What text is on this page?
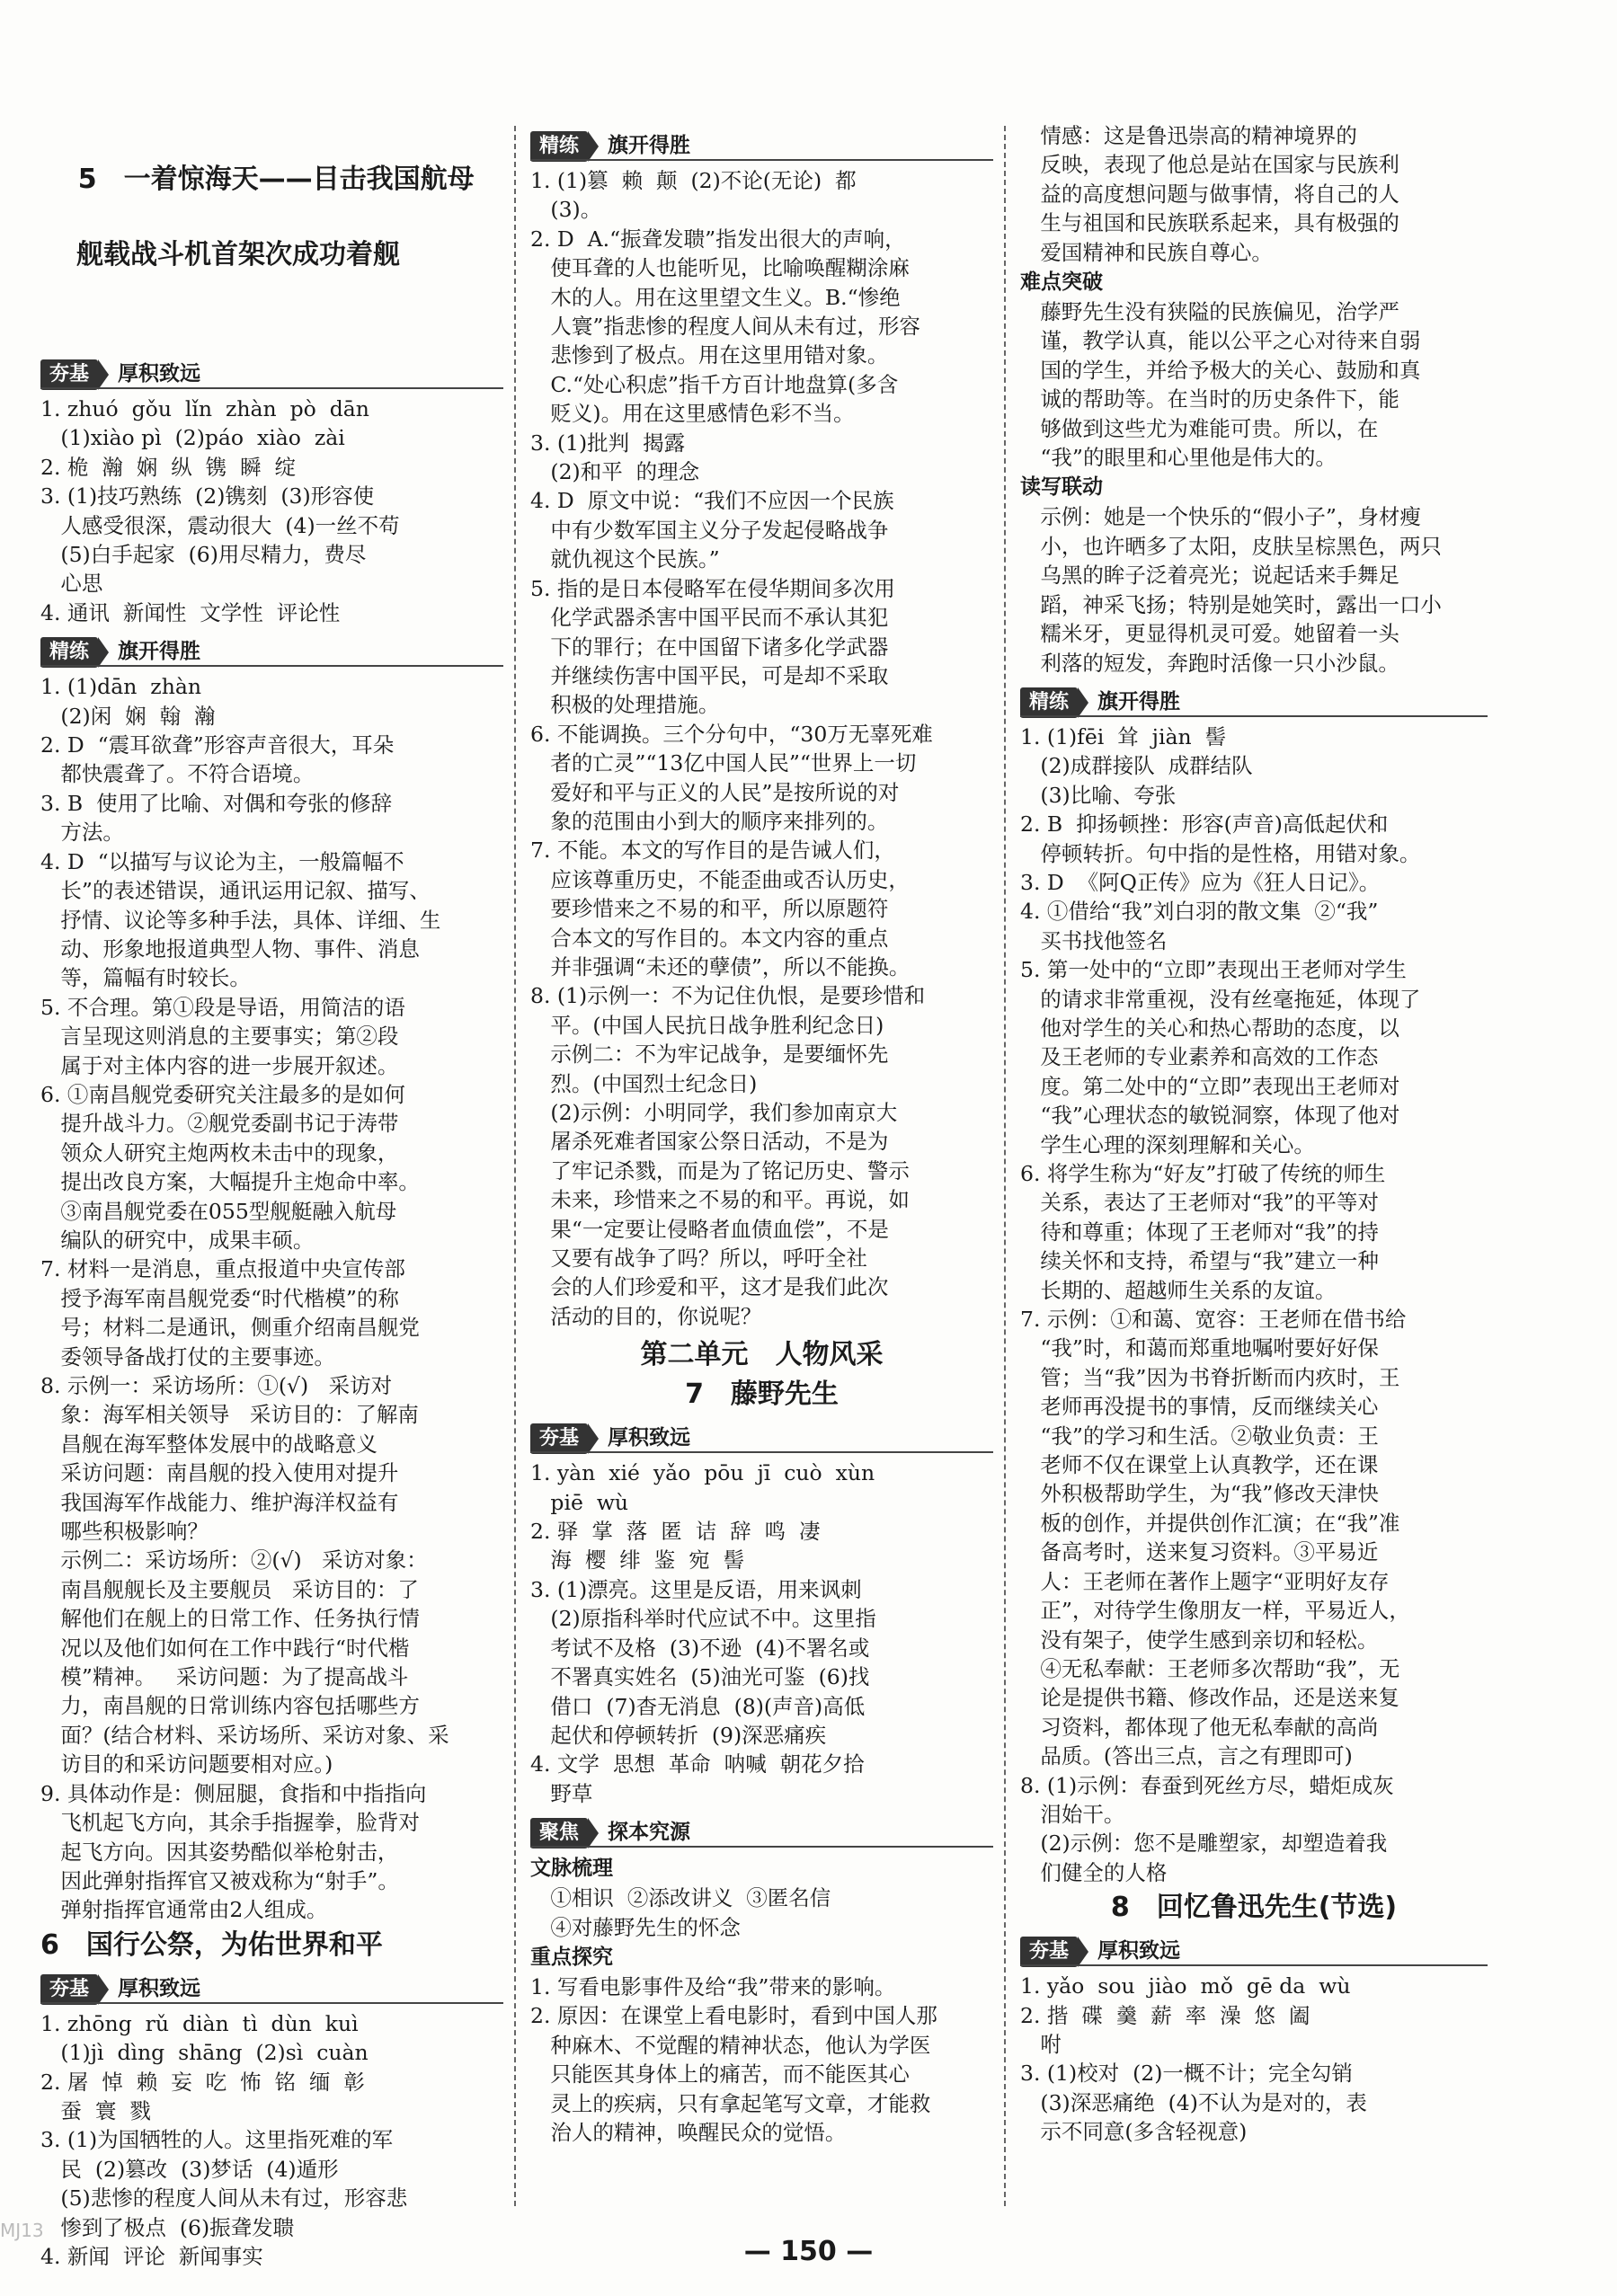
5　一着惊海天——目击我国航母

舰载战斗机首架次成功着舰

夯基 厚积致远
1. zhuó  gǒu  lǐn  zhàn  pò  dān
(1)xiào pì  (2)páo  xiào  zài
2. 桅  瀚  娴  纵  镌  瞬  绽
3. (1)技巧熟练  (2)镌刻  (3)形容使
人感受很深，震动很大  (4)一丝不苟
(5)白手起家  (6)用尽精力，费尽
心思
4. 通讯  新闻性  文学性  评论性
精练 旗开得胜
1. (1)dān  zhàn
(2)闲  娴  翰  瀚
2. D  “震耳欲聋”形容声音很大，耳朵
都快震聋了。不符合语境。
3. B  使用了比喻、对偶和夸张的修辞
方法。
4. D  “以描写与议论为主，一般篇幅不
长”的表述错误，通讯运用记叙、描写、
抒情、议论等多种手法，具体、详细、生
动、形象地报道典型人物、事件、消息
等，篇幅有时较长。
5. 不合理。第①段是导语，用简洁的语
言呈现这则消息的主要事实；第②段
属于对主体内容的进一步展开叙述。
6. ①南昌舰党委研究关注最多的是如何
提升战斗力。②舰党委副书记于涛带
领众人研究主炮两枚未击中的现象，
提出改良方案，大幅提升主炮命中率。
③南昌舰党委在055型舰艇融入航母
编队的研究中，成果丰硕。
7. 材料一是消息，重点报道中央宣传部
授予海军南昌舰党委“时代楷模”的称
号；材料二是通讯，侧重介绍南昌舰党
委领导备战打仗的主要事迹。
8. 示例一：采访场所：①(√)   采访对
象：海军相关领导   采访目的：了解南
昌舰在海军整体发展中的战略意义
采访问题：南昌舰的投入使用对提升
我国海军作战能力、维护海洋权益有
哪些积极影响？
示例二：采访场所：②(√)   采访对象：
南昌舰舰长及主要舰员   采访目的：了
解他们在舰上的日常工作、任务执行情
况以及他们如何在工作中践行“时代楷
模”精神。   采访问题：为了提高战斗
力，南昌舰的日常训练内容包括哪些方
面？(结合材料、采访场所、采访对象、采
访目的和采访问题要相对应。)
9. 具体动作是：侧屈腿，食指和中指指向
飞机起飞方向，其余手指握拳，脸背对
起飞方向。因其姿势酷似举枪射击，
因此弹射指挥官又被戏称为“射手”。
弹射指挥官通常由2人组成。
6　国行公祭，为佑世界和平
夯基 厚积致远
1. zhōng  rǔ  diàn  tì  dùn  kuì
(1)jì  dìng  shāng  (2)sì  cuàn
2. 屠  悼  赖  妄  吃  怖  铭  缅  彰
蚕  寰  戮
3. (1)为国牺牲的人。这里指死难的军
民  (2)篡改  (3)梦话  (4)遁形
(5)悲惨的程度人间从未有过，形容悲
惨到了极点  (6)振聋发聩
4. 新闻  评论  新闻事实
精练 旗开得胜
1. (1)篡  赖  颠  (2)不论(无论)  都
(3)。
2. D  A.“振聋发聩”指发出很大的声响，
使耳聋的人也能听见，比喻唤醒糊涂麻
木的人。用在这里望文生义。B.“惨绝
人寰”指悲惨的程度人间从未有过，形容
悲惨到了极点。用在这里用错对象。
C.“处心积虑”指千方百计地盘算(多含
贬义)。用在这里感情色彩不当。
3. (1)批判  揭露
(2)和平  的理念
4. D  原文中说：“我们不应因一个民族
中有少数军国主义分子发起侵略战争
就仇视这个民族。”
5. 指的是日本侵略军在侵华期间多次用
化学武器杀害中国平民而不承认其犯
下的罪行；在中国留下诸多化学武器
并继续伤害中国平民，可是却不采取
积极的处理措施。
6. 不能调换。三个分句中，“30万无辜死难
者的亡灵”“13亿中国人民”“世界上一切
爱好和平与正义的人民”是按所说的对
象的范围由小到大的顺序来排列的。
7. 不能。本文的写作目的是告诫人们，
应该尊重历史，不能歪曲或否认历史，
要珍惜来之不易的和平，所以原题符
合本文的写作目的。本文内容的重点
并非强调“未还的孽债”，所以不能换。
8. (1)示例一：不为记住仇恨，是要珍惜和
平。(中国人民抗日战争胜利纪念日)
示例二：不为牢记战争，是要缅怀先
烈。(中国烈士纪念日)
(2)示例：小明同学，我们参加南京大
屠杀死难者国家公祭日活动，不是为
了牢记杀戮，而是为了铭记历史、警示
未来，珍惜来之不易的和平。再说，如
果“一定要让侵略者血债血偿”，不是
又要有战争了吗？所以，呼吁全社
会的人们珍爱和平，这才是我们此次
活动的目的，你说呢？
第二单元　人物风采
7　藤野先生
夯基 厚积致远
1. yàn  xié  yǎo  pōu  jī  cuò  xùn
piē  wù
2. 驿  掌  落  匿  诘  辞  鸣  凄
海  樱  绯  鉴  宛  髻
3. (1)漂亮。这里是反语，用来讽刺
(2)原指科举时代应试不中。这里指
考试不及格  (3)不逊  (4)不署名或
不署真实姓名  (5)油光可鉴  (6)找
借口  (7)杳无消息  (8)(声音)高低
起伏和停顿转折  (9)深恶痛疾
4. 文学  思想  革命  呐喊  朝花夕拾
野草
聚焦 探本究源
文脉梳理
①相识  ②添改讲义  ③匿名信
④对藤野先生的怀念
重点探究
1. 写看电影事件及给“我”带来的影响。
2. 原因：在课堂上看电影时，看到中国人那
种麻木、不觉醒的精神状态，他认为学医
只能医其身体上的痛苦，而不能医其心
灵上的疾病，只有拿起笔写文章，才能救
治人的精神，唤醒民众的觉悟。
情感：这是鲁迅崇高的精神境界的
反映，表现了他总是站在国家与民族利
益的高度想问题与做事情，将自己的人
生与祖国和民族联系起来，具有极强的
爱国精神和民族自尊心。
难点突破
藤野先生没有狭隘的民族偏见，治学严
谨，教学认真，能以公平之心对待来自弱
国的学生，并给予极大的关心、鼓励和真
诚的帮助等。在当时的历史条件下，能
够做到这些尤为难能可贵。所以，在
“我”的眼里和心里他是伟大的。
读写联动
示例：她是一个快乐的“假小子”，身材瘦
小，也许晒多了太阳，皮肤呈棕黑色，两只
乌黑的眸子泛着亮光；说起话来手舞足
蹈，神采飞扬；特别是她笑时，露出一口小
糯米牙，更显得机灵可爱。她留着一头
利落的短发，奔跑时活像一只小沙鼠。
精练 旗开得胜
1. (1)fēi  耸  jiàn  髻
(2)成群接队  成群结队
(3)比喻、夸张
2. B  抑扬顿挫：形容(声音)高低起伏和
停顿转折。句中指的是性格，用错对象。
3. D  《阿Q正传》应为《狂人日记》。
4. ①借给“我”刘白羽的散文集  ②“我”
买书找他签名
5. 第一处中的“立即”表现出王老师对学生
的请求非常重视，没有丝毫拖延，体现了
他对学生的关心和热心帮助的态度，以
及王老师的专业素养和高效的工作态
度。第二处中的“立即”表现出王老师对
“我”心理状态的敏锐洞察，体现了他对
学生心理的深刻理解和关心。
6. 将学生称为“好友”打破了传统的师生
关系，表达了王老师对“我”的平等对
待和尊重；体现了王老师对“我”的持
续关怀和支持，希望与“我”建立一种
长期的、超越师生关系的友谊。
7. 示例：①和蔼、宽容：王老师在借书给
“我”时，和蔼而郑重地嘱咐要好好保
管；当“我”因为书脊折断而内疚时，王
老师再没提书的事情，反而继续关心
“我”的学习和生活。②敬业负责：王
老师不仅在课堂上认真教学，还在课
外积极帮助学生，为“我”修改天津快
板的创作，并提供创作汇演；在“我”准
备高考时，送来复习资料。③平易近
人：王老师在著作上题字“亚明好友存
正”，对待学生像朋友一样，平易近人，
没有架子，使学生感到亲切和轻松。
④无私奉献：王老师多次帮助“我”，无
论是提供书籍、修改作品，还是送来复
习资料，都体现了他无私奉献的高尚
品质。(答出三点，言之有理即可)
8. (1)示例：春蚕到死丝方尽，蜡炬成灰
泪始干。
(2)示例：您不是雕塑家，却塑造着我
们健全的人格
8　回忆鲁迅先生(节选)
夯基 厚积致远
1. yǎo  sou  jiào  mǒ  gē da  wù
2. 揩  碟  羹  薪  率  澡  悠  阖
咐
3. (1)校对  (2)一概不计；完全勾销
(3)深恶痛绝  (4)不认为是对的，表
示不同意(多含轻视意)
— 150 —
MJ13
